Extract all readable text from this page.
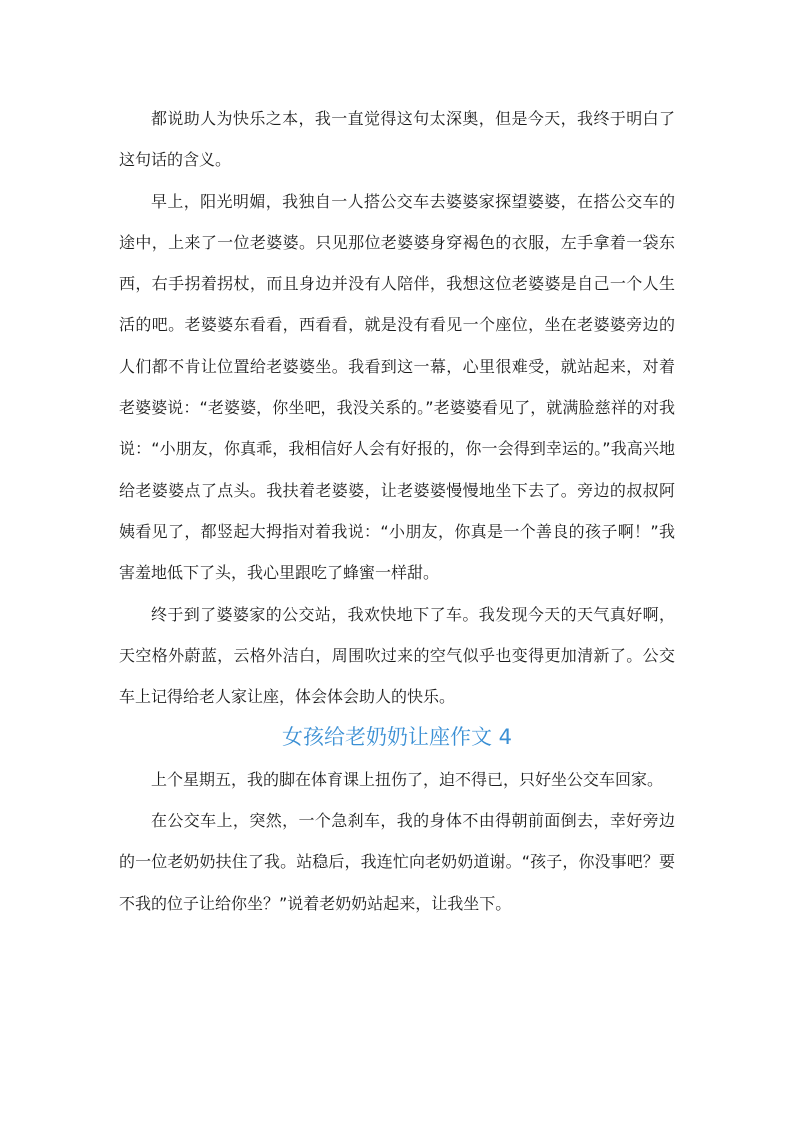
都说助人为快乐之本，我一直觉得这句太深奥，但是今天，我终于明白了这句话的含义。

早上，阳光明媚，我独自一人搭公交车去婆婆家探望婆婆，在搭公交车的途中，上来了一位老婆婆。只见那位老婆婆身穿褐色的衣服，左手拿着一袋东西，右手拐着拐杖，而且身边并没有人陪伴，我想这位老婆婆是自己一个人生活的吧。老婆婆东看看，西看看，就是没有看见一个座位，坐在老婆婆旁边的人们都不肯让位置给老婆婆坐。我看到这一幕，心里很难受，就站起来，对着老婆婆说：“老婆婆，你坐吧，我没关系的。”老婆婆看见了，就满脸慈祥的对我说：“小朋友，你真乖，我相信好人会有好报的，你一会得到幸运的。”我高兴地给老婆婆点了点头。我扶着老婆婆，让老婆婆慢慢地坐下去了。旁边的叔叔阿姨看见了，都竖起大拇指对着我说：“小朋友，你真是一个善良的孩子啊！”我害羞地低下了头，我心里跟吃了蜂蜜一样甜。

终于到了婆婆家的公交站，我欢快地下了车。我发现今天的天气真好啊，天空格外蔚蓝，云格外洁白，周围吹过来的空气似乎也变得更加清新了。公交车上记得给老人家让座，体会体会助人的快乐。

女孩给老奶奶让座作文 4

上个星期五，我的脚在体育课上扭伤了，迫不得已，只好坐公交车回家。

在公交车上，突然，一个急刹车，我的身体不由得朝前面倒去，幸好旁边的一位老奶奶扶住了我。站稳后，我连忙向老奶奶道谢。“孩子，你没事吧？要不我的位子让给你坐？”说着老奶奶站起来，让我坐下。
